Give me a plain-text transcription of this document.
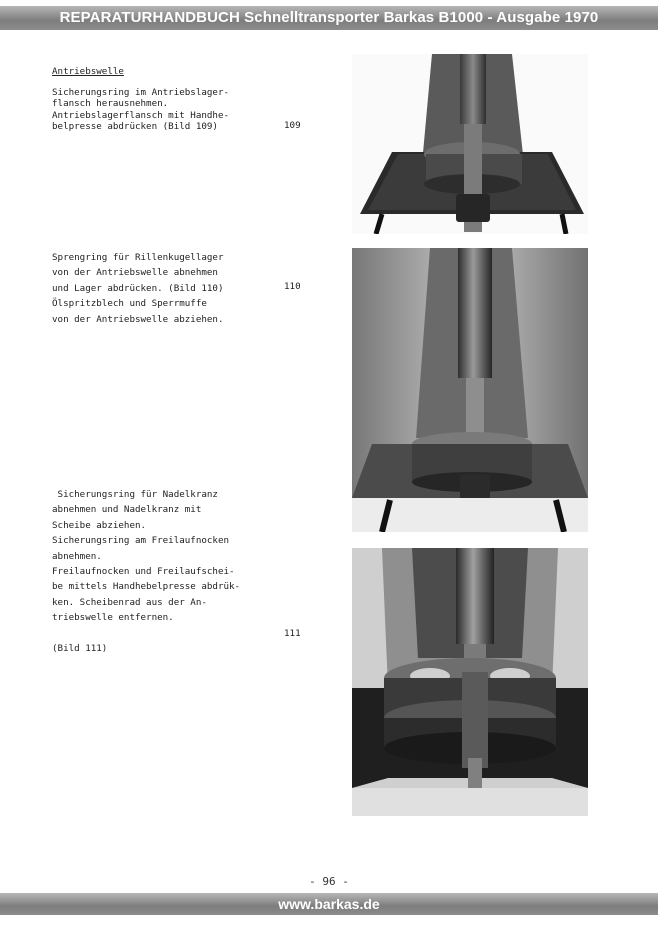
REPARATURHANDBUCH Schnelltransporter Barkas B1000 - Ausgabe 1970

Antriebswelle

Sicherungsring im Antriebslager-

flansch herausnehmen.

Antriebslagerflansch mit Handhe-

belpresse abdrücken (Bild 109)	109

Sprengring für Rillenkugellager

von der Antriebswelle abnehmen

und Lager abdrücken. (Bild 110)

Ölspritzblech und Sperrmuffe

von der Antriebswelle abziehen.

110

Sicherungsring für Nadelkranz

abnehmen und Nadelkranz mit

Scheibe abziehen.

Sicherungsring am Freilaufnocken

abnehmen.

Freilaufnocken und Freilaufschei-

be mittels Handhebelpresse abdrük-

ken. Scheibenrad aus der An-

triebswelle entfernen.

(Bild 111)

111
- 96 -
www.barkas.de
